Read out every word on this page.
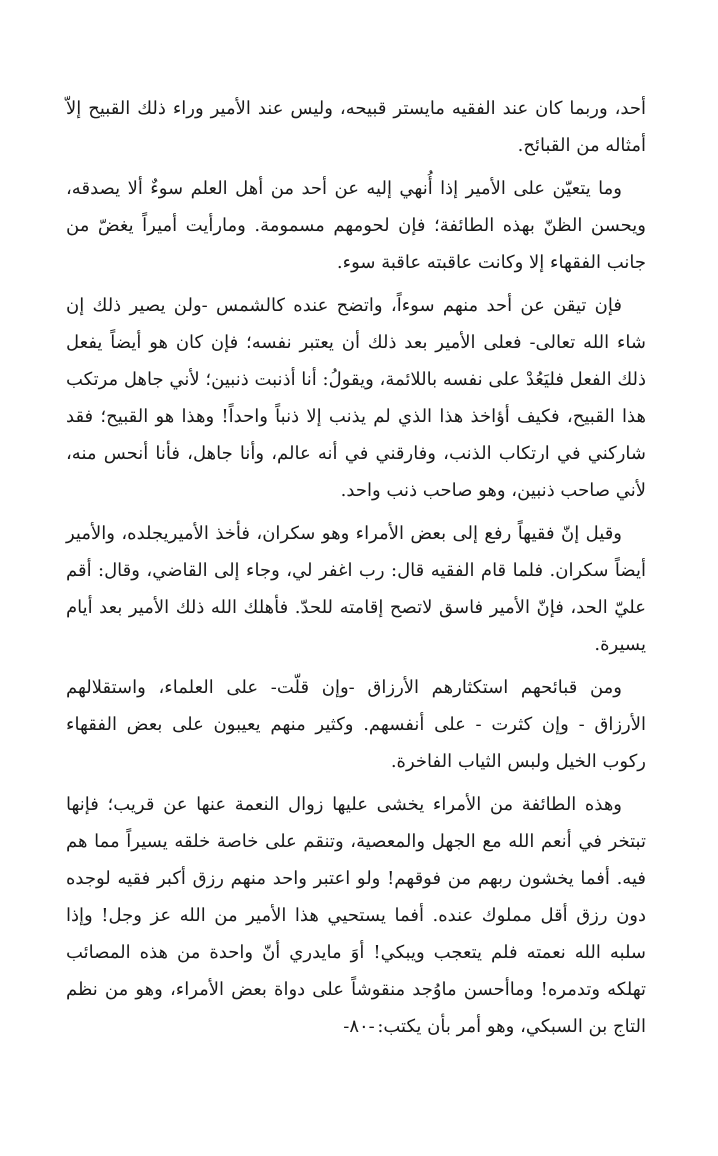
أحد، وربما كان عند الفقيه مايستر قبيحه، وليس عند الأمير وراء ذلك القبيح إلاّ أمثاله من القبائح.

وما يتعيّن على الأمير إذا أُنهي إليه عن أحد من أهل العلم سوءٌ ألا يصدقه، ويحسن الظنّ بهذه الطائفة؛ فإن لحومهم مسمومة. ومارأيت أميراً يغضّ من جانب الفقهاء إلا وكانت عاقبته عاقبة سوء.

فإن تيقن عن أحد منهم سوءاً، واتضح عنده كالشمس -ولن يصير ذلك إن شاء الله تعالى- فعلى الأمير بعد ذلك أن يعتبر نفسه؛ فإن كان هو أيضاً يفعل ذلك الفعل فليَعُدْ على نفسه باللائمة، ويقولُ: أنا أذنبت ذنبين؛ لأني جاهل مرتكب هذا القبيح، فكيف أؤاخذ هذا الذي لم يذنب إلا ذنباً واحداً! وهذا هو القبيح؛ فقد شاركني في ارتكاب الذنب، وفارقني في أنه عالم، وأنا جاهل، فأنا أنحس منه، لأني صاحب ذنبين، وهو صاحب ذنب واحد.

وقيل إنّ فقيهاً رفع إلى بعض الأمراء وهو سكران، فأخذ الأميريجلده، والأمير أيضاً سكران. فلما قام الفقيه قال: رب اغفر لي، وجاء إلى القاضي، وقال: أقم عليّ الحد، فإنّ الأمير فاسق لاتصح إقامته للحدّ. فأهلك الله ذلك الأمير بعد أيام يسيرة.

ومن قبائحهم استكثارهم الأرزاق -وإن قلّت- على العلماء، واستقلالهم الأرزاق - وإن كثرت - على أنفسهم. وكثير منهم يعيبون على بعض الفقهاء ركوب الخيل ولبس الثياب الفاخرة.

وهذه الطائفة من الأمراء يخشى عليها زوال النعمة عنها عن قريب؛ فإنها تبتخر في أنعم الله مع الجهل والمعصية، وتنقم على خاصة خلقه يسيراً مما هم فيه. أفما يخشون ربهم من فوقهم! ولو اعتبر واحد منهم رزق أكبر فقيه لوجده دون رزق أقل مملوك عنده. أفما يستحيي هذا الأمير من الله عز وجل! وإذا سلبه الله نعمته فلم يتعجب ويبكي! أوَ مايدري أنّ واحدة من هذه المصائب تهلكه وتدمره! وماأحسن ماوُجد منقوشاً على دواة بعض الأمراء، وهو من نظم التاج بن السبكي، وهو أمر بأن يكتب:

-٨٠-
